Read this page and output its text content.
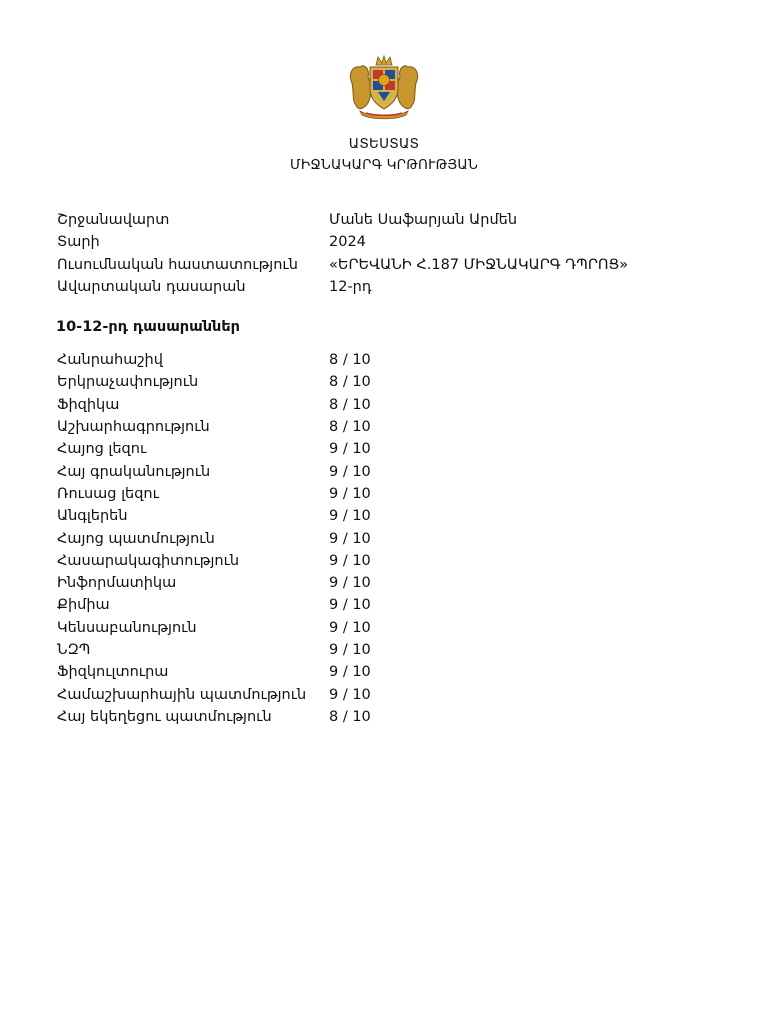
ԱՏԵՍՏԱՏ
ՄԻՋՆԱԿԱՐԳ ԿՐԹՈՒԹՅԱՆ
Շրջանավարտ	Մանե Սաֆարյան Արմեն
Տարի	2024
Ուսումնական հաստատություն	«ԵՐԵՎԱՆԻ Հ.187 ՄԻՋՆԱԿԱՐԳ ԴՊՐՈՑ»
Ավարտական դասարան	12-րդ
10-12-րդ դասարաններ
Հանրահաշիվ	8 / 10
Երկրաչափություն	8 / 10
Ֆիզիկա	8 / 10
Աշխարհագրություն	8 / 10
Հայոց լեզու	9 / 10
Հայ գրականություն	9 / 10
Ռուսաց լեզու	9 / 10
Անգլերեն	9 / 10
Հայոց պատմություն	9 / 10
Հասարակագիտություն	9 / 10
Ինֆորմատիկա	9 / 10
Քիմիա	9 / 10
Կենսաբանություն	9 / 10
ՆԶՊ	9 / 10
Ֆիզկուլտուրա	9 / 10
Համաշխարհային պատմություն	9 / 10
Հայ եկեղեցու պատմություն	8 / 10
